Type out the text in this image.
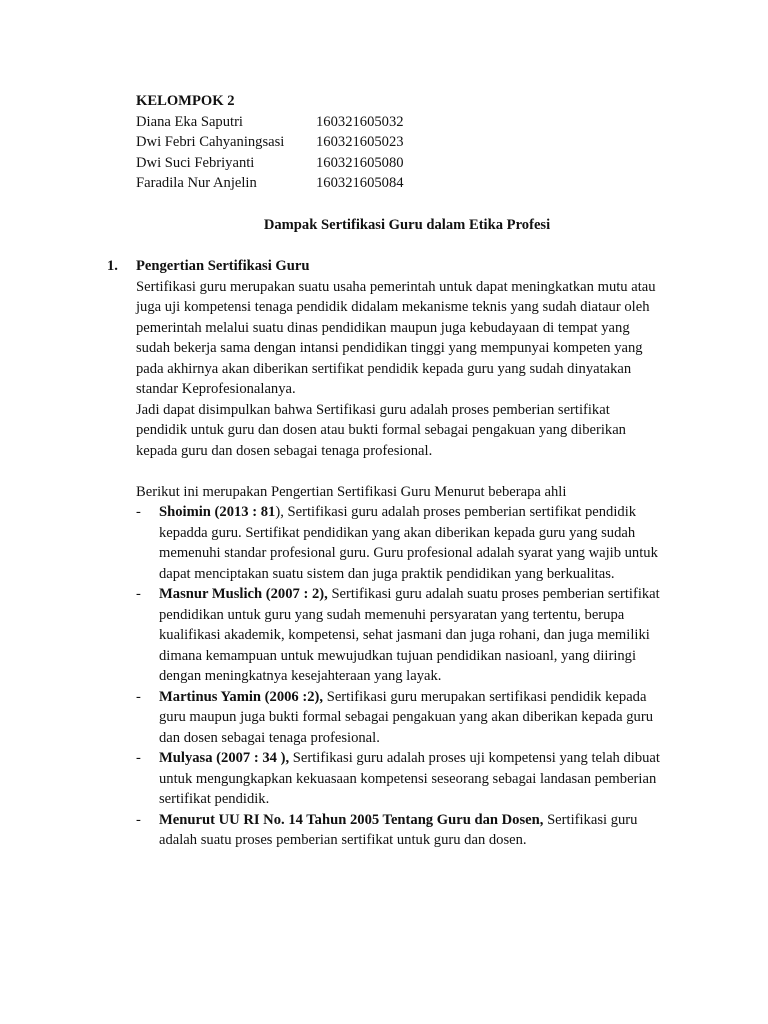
KELOMPOK 2
Diana Eka Saputri	160321605032
Dwi Febri Cahyaningsasi 160321605023
Dwi Suci Febriyanti	160321605080
Faradila Nur Anjelin	160321605084
Dampak Sertifikasi Guru dalam Etika Profesi
1. Pengertian Sertifikasi Guru
Sertifikasi guru merupakan suatu usaha pemerintah untuk dapat meningkatkan mutu atau
juga uji kompetensi tenaga pendidik didalam mekanisme teknis yang sudah diataur oleh
pemerintah melalui suatu dinas pendidikan maupun juga kebudayaan di tempat yang
sudah bekerja sama dengan intansi pendidikan tinggi yang mempunyai kompeten yang
pada akhirnya akan diberikan sertifikat pendidik kepada guru yang sudah dinyatakan
standar Keprofesionalanya.
Jadi dapat disimpulkan bahwa Sertifikasi guru adalah proses pemberian sertifikat
pendidik untuk guru dan dosen atau bukti formal sebagai pengakuan yang diberikan
kepada guru dan dosen sebagai tenaga profesional.
Berikut ini merupakan Pengertian Sertifikasi Guru Menurut beberapa ahli
- Shoimin (2013 : 81), Sertifikasi guru adalah proses pemberian sertifikat pendidik
kepadda guru. Sertifikat pendidikan yang akan diberikan kepada guru yang sudah
memenuhi standar profesional guru. Guru profesional adalah syarat yang wajib untuk
dapat menciptakan suatu sistem dan juga praktik pendidikan yang berkualitas.
- Masnur Muslich (2007 : 2), Sertifikasi guru adalah suatu proses pemberian sertifikat
pendidikan untuk guru yang sudah memenuhi persyaratan yang tertentu, berupa
kualifikasi akademik, kompetensi, sehat jasmani dan juga rohani, dan juga memiliki
dimana kemampuan untuk mewujudkan tujuan pendidikan nasioanl, yang diiringi
dengan meningkatnya kesejahteraan yang layak.
- Martinus Yamin (2006 :2), Sertifikasi guru merupakan sertifikasi pendidik kepada
guru maupun juga bukti formal sebagai pengakuan yang akan diberikan kepada guru
dan dosen sebagai tenaga profesional.
- Mulyasa (2007 : 34 ), Sertifikasi guru adalah proses uji kompetensi yang telah dibuat
untuk mengungkapkan kekuasaan kompetensi seseorang sebagai landasan pemberian
sertifikat pendidik.
- Menurut UU RI No. 14 Tahun 2005 Tentang Guru dan Dosen, Sertifikasi guru
adalah suatu proses pemberian sertifikat untuk guru dan dosen.
